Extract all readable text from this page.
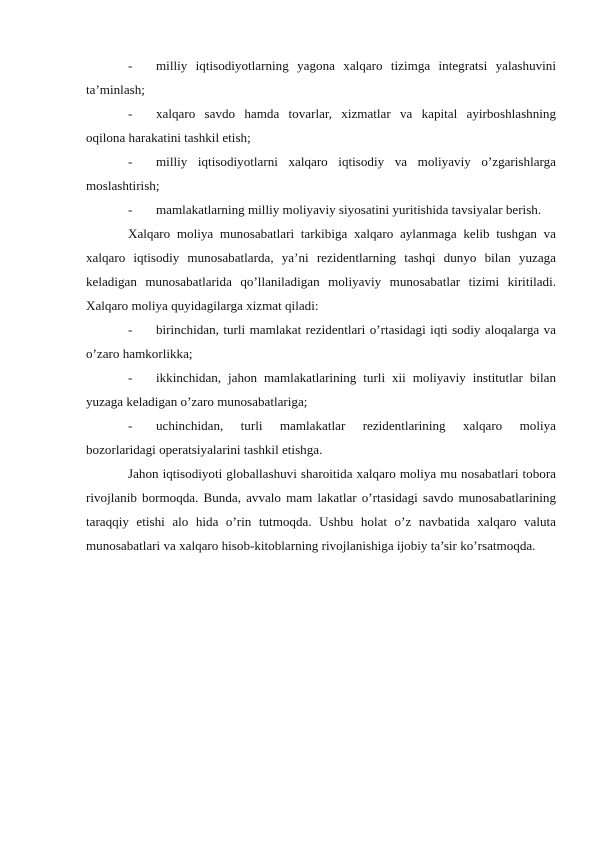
- milliy iqtisodiyotlarning yagona xalqaro tizimga integratsi yalashuvini ta’minlash;

- xalqaro savdo hamda tovarlar, xizmatlar va kapital ayirboshlashning oqilona harakatini tashkil etish;

- milliy iqtisodiyotlarni xalqaro iqtisodiy va moliyaviy o’zgarishlarga moslashtirish;

- mamlakatlarning milliy moliyaviy siyosatini yuritishida tavsiyalar berish.

Xalqaro moliya munosabatlari tarkibiga xalqaro aylanmaga kelib tushgan va xalqaro iqtisodiy munosabatlarda, ya’ni rezidentlarning tashqi dunyo bilan yuzaga keladigan munosabatlarida qo’llaniladigan moliyaviy munosabatlar tizimi kiritiladi. Xalqaro moliya quyidagilarga xizmat qiladi:

- birinchidan, turli mamlakat rezidentlari o’rtasidagi iqti sodiy aloqalarga va o’zaro hamkorlikka;

- ikkinchidan, jahon mamlakatlarining turli xii moliyaviy institutlar bilan yuzaga keladigan o’zaro munosabatlariga;

- uchinchidan, turli mamlakatlar rezidentlarining xalqaro moliya bozorlaridagi operatsiyalarini tashkil etishga.

Jahon iqtisodiyoti globallashuvi sharoitida xalqaro moliya mu nosabatlari tobora rivojlanib bormoqda. Bunda, avvalo mam lakatlar o’rtasidagi savdo munosabatlarining taraqqiy etishi alo hida o’rin tutmoqda. Ushbu holat o’z navbatida xalqaro valuta munosabatlari va xalqaro hisob-kitoblarning rivojlanishiga ijobiy ta’sir ko’rsatmoqda.
